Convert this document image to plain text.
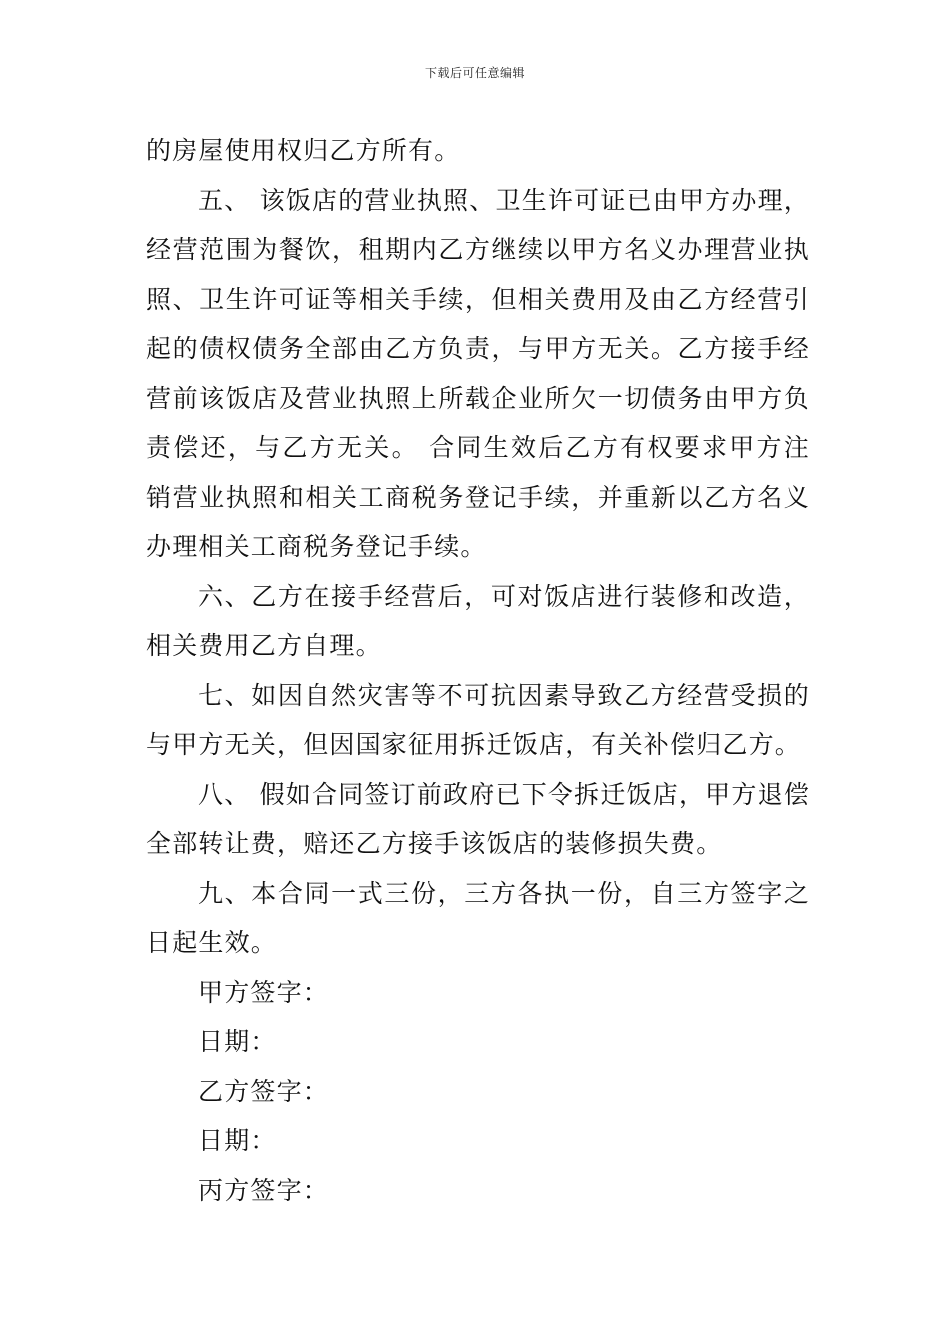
下载后可任意编辑

的房屋使用权归乙方所有。

五、 该饭店的营业执照、卫生许可证已由甲方办理，经营范围为餐饮，租期内乙方继续以甲方名义办理营业执照、卫生许可证等相关手续，但相关费用及由乙方经营引起的债权债务全部由乙方负责，与甲方无关。乙方接手经营前该饭店及营业执照上所载企业所欠一切债务由甲方负责偿还，与乙方无关。 合同生效后乙方有权要求甲方注销营业执照和相关工商税务登记手续，并重新以乙方名义办理相关工商税务登记手续。

六、乙方在接手经营后，可对饭店进行装修和改造，相关费用乙方自理。

七、如因自然灾害等不可抗因素导致乙方经营受损的与甲方无关，但因国家征用拆迁饭店，有关补偿归乙方。

八、 假如合同签订前政府已下令拆迁饭店，甲方退偿全部转让费，赔还乙方接手该饭店的装修损失费。

九、本合同一式三份，三方各执一份，自三方签字之日起生效。

甲方签字：

日期：

乙方签字：

日期：

丙方签字：
